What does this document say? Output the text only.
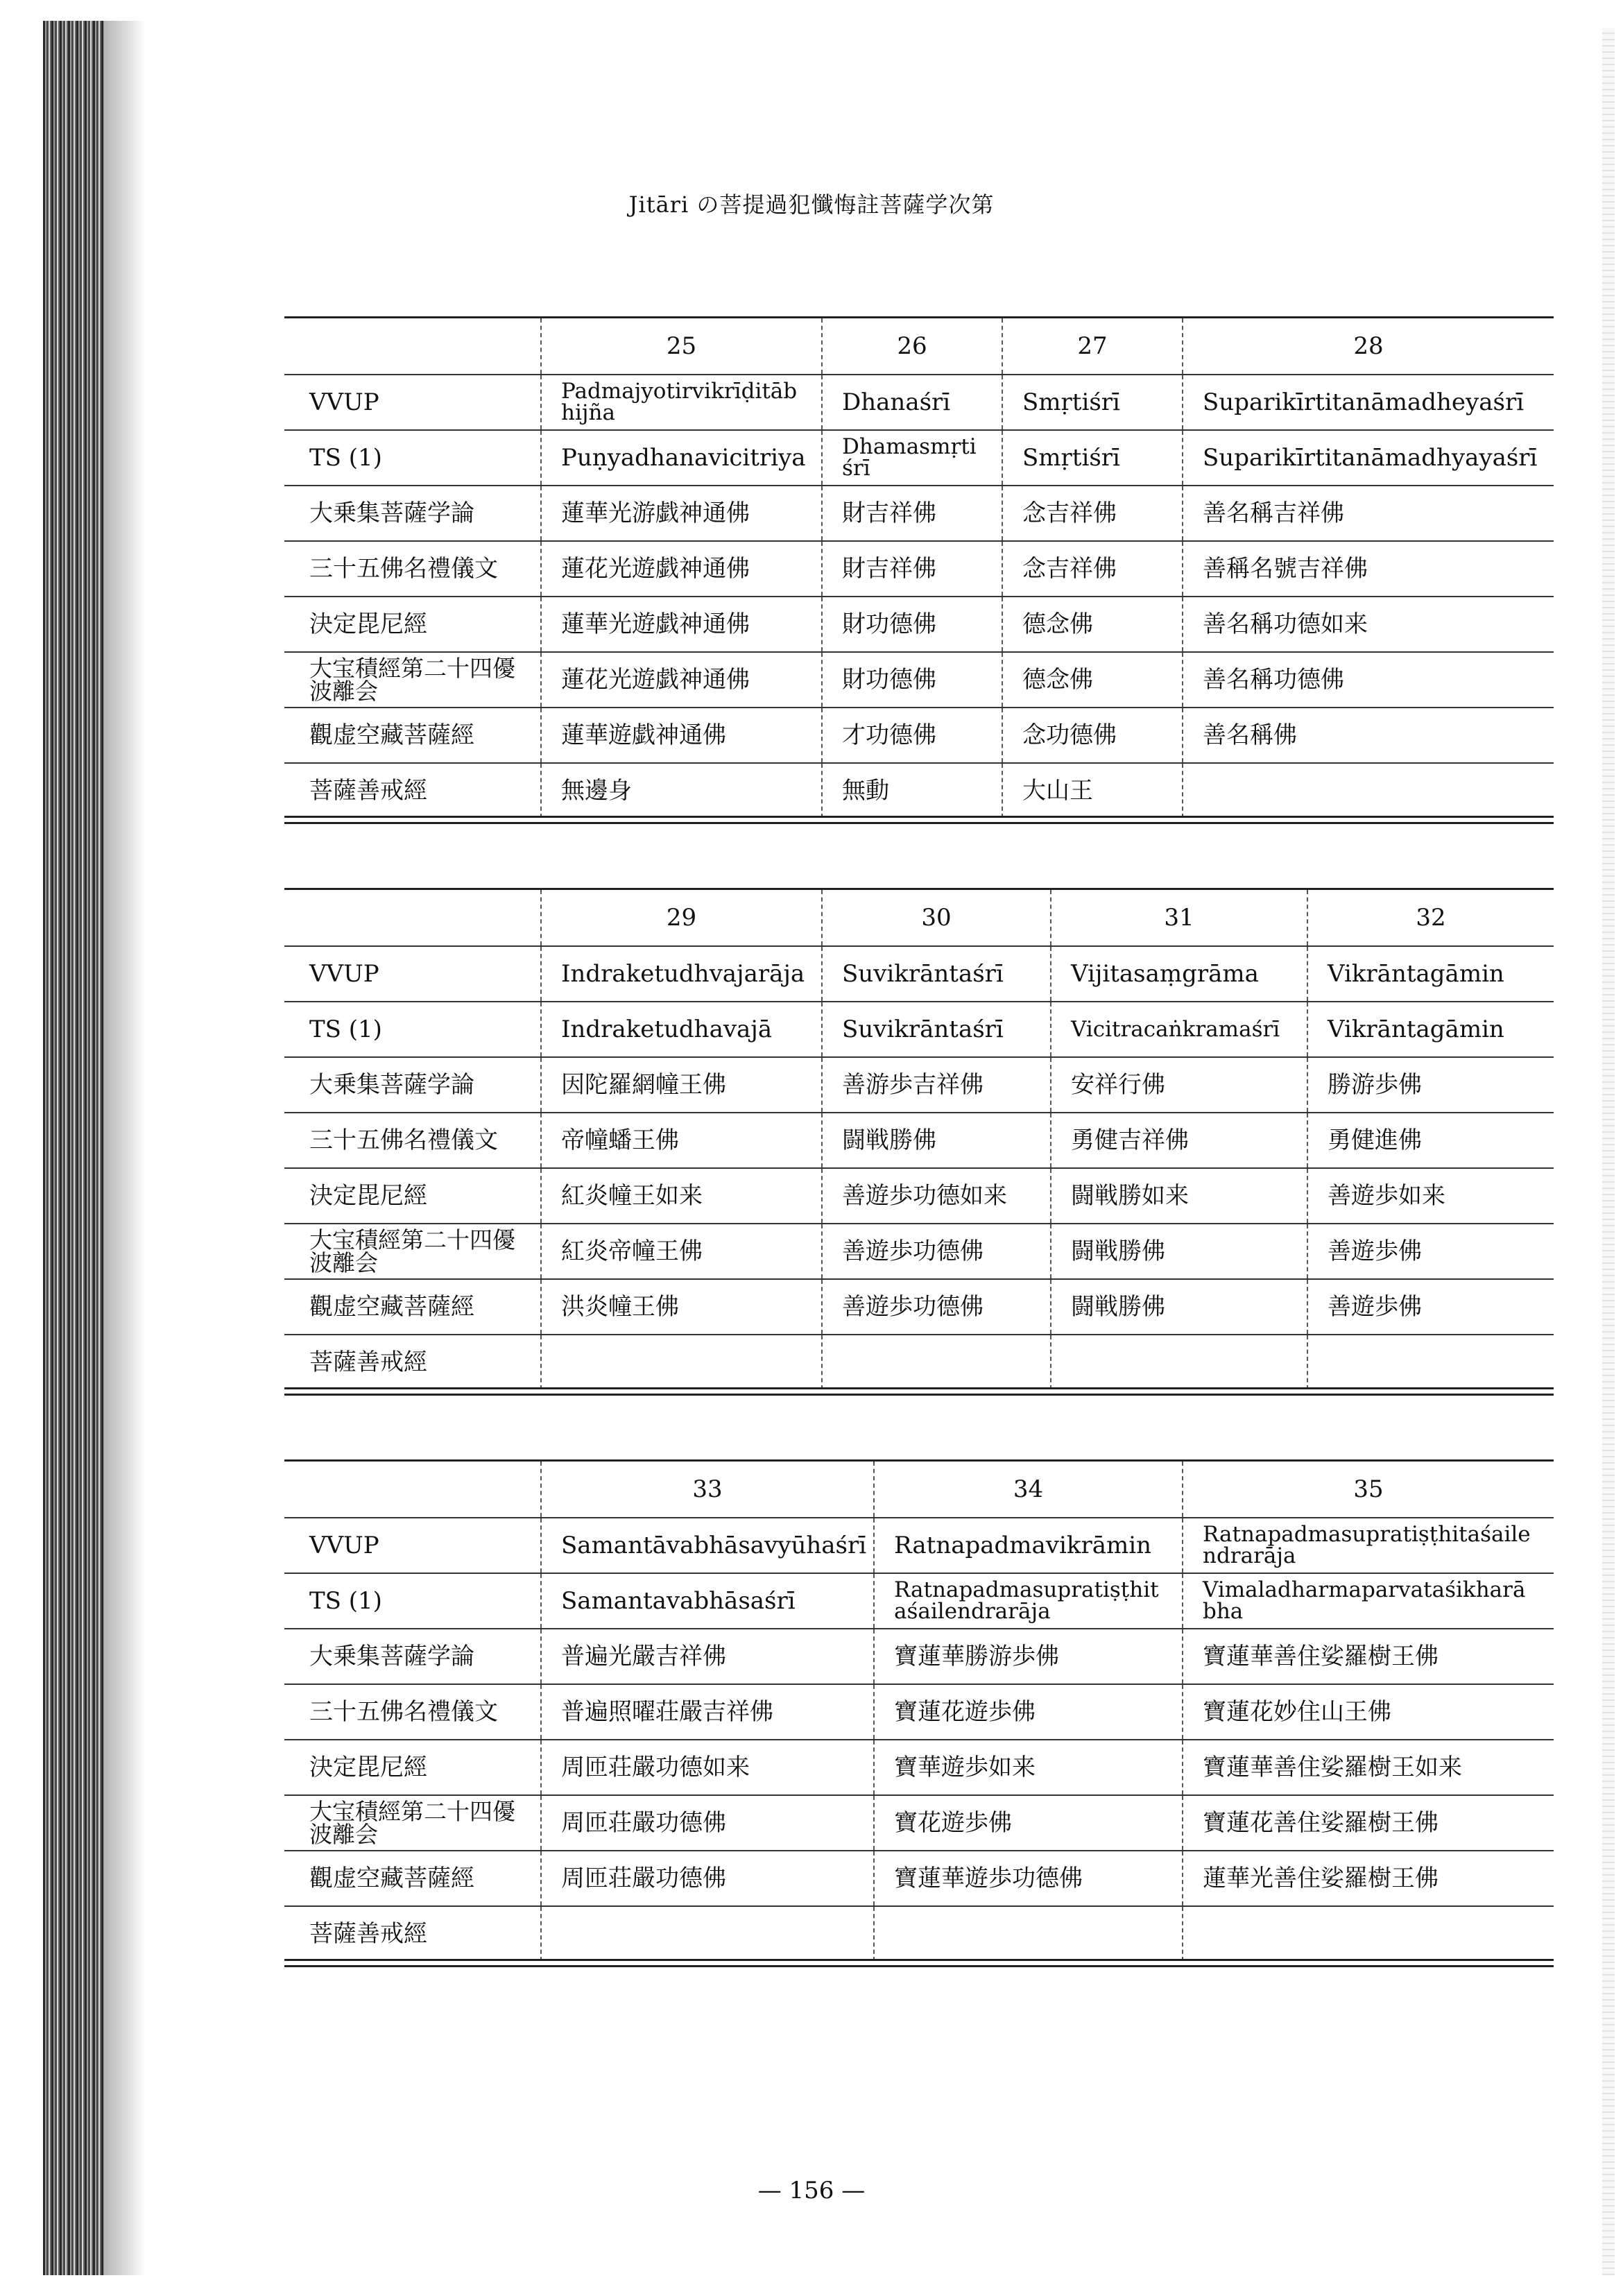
Jitāri の菩提過犯懺悔註菩薩学次第
	25	26	27	28
VVUP	Padmajyotirvikrīḍitābhijña	Dhanaśrī	Smṛtiśrī	Suparikīrtitanāmadheyaśrī
TS (1)	Puṇyadhanavicitriya	Dhamasmṛtiśrī	Smṛtiśrī	Suparikīrtitanāmadhyayaśrī
大乗集菩薩学論	蓮華光游戯神通佛	財吉祥佛	念吉祥佛	善名稱吉祥佛
三十五佛名禮儀文	蓮花光遊戯神通佛	財吉祥佛	念吉祥佛	善稱名號吉祥佛
決定毘尼經	蓮華光遊戯神通佛	財功德佛	德念佛	善名稱功德如来
大宝積經第二十四優波離会	蓮花光遊戯神通佛	財功德佛	德念佛	善名稱功德佛
觀虚空藏菩薩經	蓮華遊戯神通佛	才功德佛	念功德佛	善名稱佛
菩薩善戒經	無邊身	無動	大山王	
	29	30	31	32
VVUP	Indraketudhvajarāja	Suvikrāntaśrī	Vijitasaṃgrāma	Vikrāntagāmin
TS (1)	Indraketudhavajā	Suvikrāntaśrī	Vicitracaṅkramaśrī	Vikrāntagāmin
大乗集菩薩学論	因陀羅網幢王佛	善游歩吉祥佛	安祥行佛	勝游歩佛
三十五佛名禮儀文	帝幢蟠王佛	闘戦勝佛	勇健吉祥佛	勇健進佛
決定毘尼經	紅炎幢王如来	善遊歩功德如来	闘戦勝如来	善遊歩如来
大宝積經第二十四優波離会	紅炎帝幢王佛	善遊歩功德佛	闘戦勝佛	善遊歩佛
觀虚空藏菩薩經	洪炎幢王佛	善遊歩功德佛	闘戦勝佛	善遊歩佛
菩薩善戒經				
	33	34	35
VVUP	Samantāvabhāsavyūhaśrī	Ratnapadmavikrāmin	Ratnapadmasupratiṣṭhitaśailendrarāja
TS (1)	Samantavabhāsaśrī	Ratnapadmasupratiṣṭhitaśailendrarāja	Vimaladharmaparvataśikharābha
大乗集菩薩学論	普遍光嚴吉祥佛	寶蓮華勝游歩佛	寶蓮華善住娑羅樹王佛
三十五佛名禮儀文	普遍照曜荘嚴吉祥佛	寶蓮花遊歩佛	寶蓮花妙住山王佛
決定毘尼經	周匝荘嚴功德如来	寶華遊歩如来	寶蓮華善住娑羅樹王如来
大宝積經第二十四優波離会	周匝荘嚴功德佛	寶花遊歩佛	寶蓮花善住娑羅樹王佛
觀虚空藏菩薩經	周匝荘嚴功德佛	寶蓮華遊歩功德佛	蓮華光善住娑羅樹王佛
菩薩善戒經			
— 156 —
